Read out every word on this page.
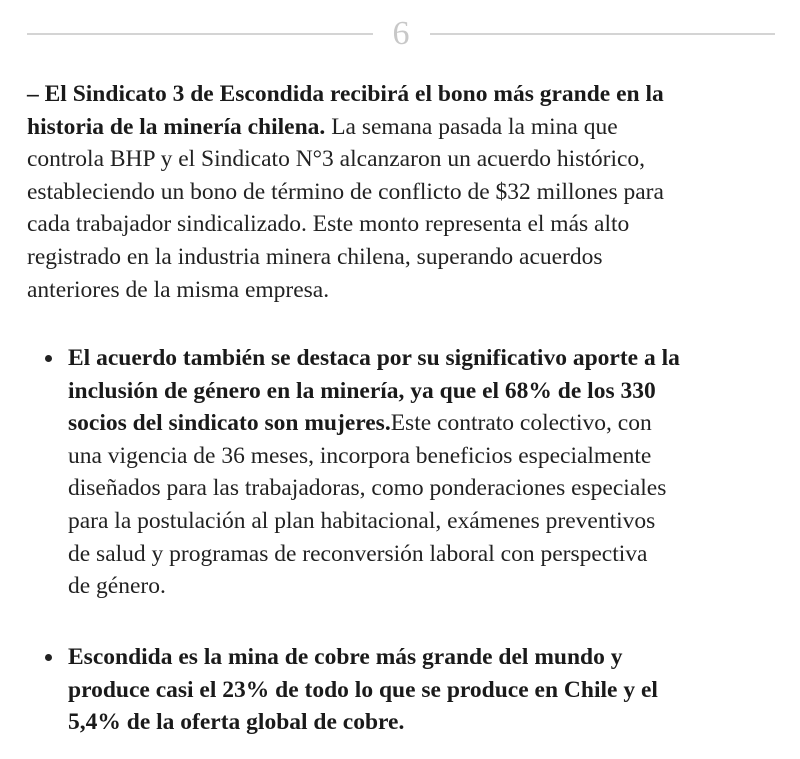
6
– El Sindicato 3 de Escondida recibirá el bono más grande en la
historia de la minería chilena. La semana pasada la mina que
controla BHP y el Sindicato N°3 alcanzaron un acuerdo histórico,
estableciendo un bono de término de conflicto de $32 millones para
cada trabajador sindicalizado. Este monto representa el más alto
registrado en la industria minera chilena, superando acuerdos
anteriores de la misma empresa.
El acuerdo también se destaca por su significativo aporte a la
inclusión de género en la minería, ya que el 68% de los 330
socios del sindicato son mujeres.Este contrato colectivo, con
una vigencia de 36 meses, incorpora beneficios especialmente
diseñados para las trabajadoras, como ponderaciones especiales
para la postulación al plan habitacional, exámenes preventivos
de salud y programas de reconversión laboral con perspectiva
de género.
Escondida es la mina de cobre más grande del mundo y
produce casi el 23% de todo lo que se produce en Chile y el
5,4% de la oferta global de cobre.
